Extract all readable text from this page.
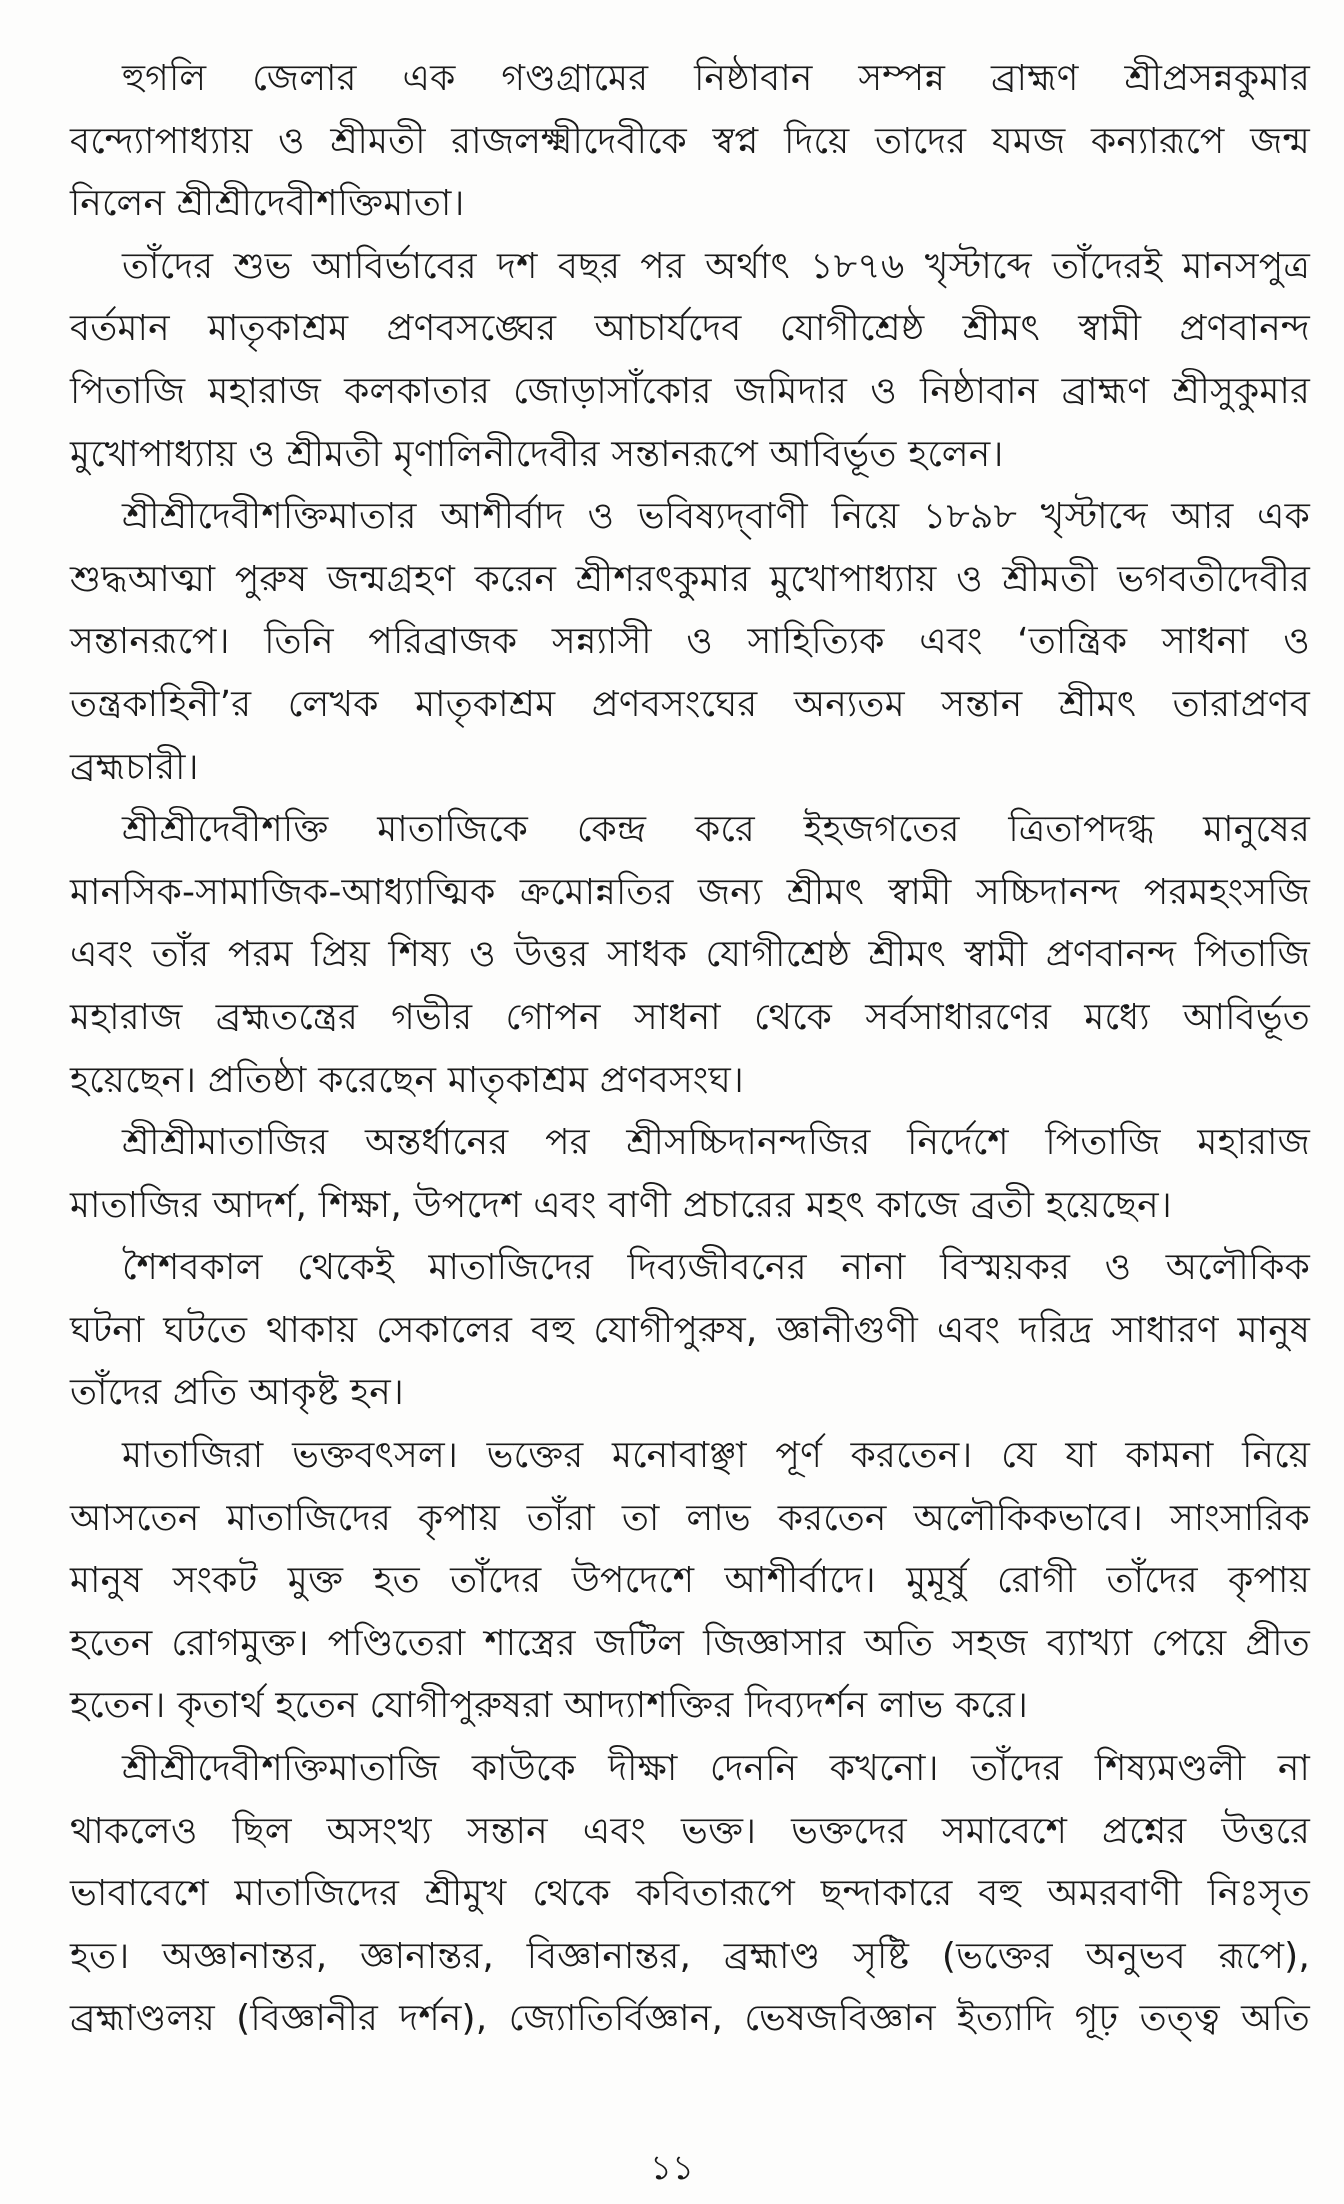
হুগলি জেলার এক গণ্ডগ্রামের নিষ্ঠাবান সম্পন্ন ব্রাহ্মণ শ্রীপ্রসন্নকুমার
বন্দ্যোপাধ্যায় ও শ্রীমতী রাজলক্ষ্মীদেবীকে স্বপ্ন দিয়ে তাদের যমজ কন্যারূপে জন্ম
নিলেন শ্রীশ্রীদেবীশক্তিমাতা।
তাঁদের শুভ আবির্ভাবের দশ বছর পর অর্থাৎ ১৮৭৬ খৃস্টাব্দে তাঁদেরই মানসপুত্র
বর্তমান মাতৃকাশ্রম প্রণবসঙ্ঘের আচার্যদেব যোগীশ্রেষ্ঠ শ্রীমৎ স্বামী প্রণবানন্দ
পিতাজি মহারাজ কলকাতার জোড়াসাঁকোর জমিদার ও নিষ্ঠাবান ব্রাহ্মণ শ্রীসুকুমার
মুখোপাধ্যায় ও শ্রীমতী মৃণালিনীদেবীর সন্তানরূপে আবির্ভূত হলেন।
শ্রীশ্রীদেবীশক্তিমাতার আশীর্বাদ ও ভবিষ্যদ্‌বাণী নিয়ে ১৮৯৮ খৃস্টাব্দে আর এক
শুদ্ধআত্মা পুরুষ জন্মগ্রহণ করেন শ্রীশরৎকুমার মুখোপাধ্যায় ও শ্রীমতী ভগবতীদেবীর
সন্তানরূপে। তিনি পরিব্রাজক সন্ন্যাসী ও সাহিত্যিক এবং ‘তান্ত্রিক সাধনা ও
তন্ত্রকাহিনী’র লেখক মাতৃকাশ্রম প্রণবসংঘের অন্যতম সন্তান শ্রীমৎ তারাপ্রণব
ব্রহ্মচারী।
শ্রীশ্রীদেবীশক্তি মাতাজিকে কেন্দ্র করে ইহজগতের ত্রিতাপদগ্ধ মানুষের
মানসিক-সামাজিক-আধ্যাত্মিক ক্রমোন্নতির জন্য শ্রীমৎ স্বামী সচ্চিদানন্দ পরমহংসজি
এবং তাঁর পরম প্রিয় শিষ্য ও উত্তর সাধক যোগীশ্রেষ্ঠ শ্রীমৎ স্বামী প্রণবানন্দ পিতাজি
মহারাজ ব্রহ্মতন্ত্রের গভীর গোপন সাধনা থেকে সর্বসাধারণের মধ্যে আবির্ভূত
হয়েছেন। প্রতিষ্ঠা করেছেন মাতৃকাশ্রম প্রণবসংঘ।
শ্রীশ্রীমাতাজির অন্তর্ধানের পর শ্রীসচ্চিদানন্দজির নির্দেশে পিতাজি মহারাজ
মাতাজির আদর্শ, শিক্ষা, উপদেশ এবং বাণী প্রচারের মহৎ কাজে ব্রতী হয়েছেন।
শৈশবকাল থেকেই মাতাজিদের দিব্যজীবনের নানা বিস্ময়কর ও অলৌকিক
ঘটনা ঘটতে থাকায় সেকালের বহু যোগীপুরুষ, জ্ঞানীগুণী এবং দরিদ্র সাধারণ মানুষ
তাঁদের প্রতি আকৃষ্ট হন।
মাতাজিরা ভক্তবৎসল। ভক্তের মনোবাঞ্ছা পূর্ণ করতেন। যে যা কামনা নিয়ে
আসতেন মাতাজিদের কৃপায় তাঁরা তা লাভ করতেন অলৌকিকভাবে। সাংসারিক
মানুষ সংকট মুক্ত হত তাঁদের উপদেশে আশীর্বাদে। মুমূর্ষু রোগী তাঁদের কৃপায়
হতেন রোগমুক্ত। পণ্ডিতেরা শাস্ত্রের জটিল জিজ্ঞাসার অতি সহজ ব্যাখ্যা পেয়ে প্রীত
হতেন। কৃতার্থ হতেন যোগীপুরুষরা আদ্যাশক্তির দিব্যদর্শন লাভ করে।
শ্রীশ্রীদেবীশক্তিমাতাজি কাউকে দীক্ষা দেননি কখনো। তাঁদের শিষ্যমণ্ডলী না
থাকলেও ছিল অসংখ্য সন্তান এবং ভক্ত। ভক্তদের সমাবেশে প্রশ্নের উত্তরে
ভাবাবেশে মাতাজিদের শ্রীমুখ থেকে কবিতারূপে ছন্দাকারে বহু অমরবাণী নিঃসৃত
হত। অজ্ঞানান্তর, জ্ঞানান্তর, বিজ্ঞানান্তর, ব্রহ্মাণ্ড সৃষ্টি (ভক্তের অনুভব রূপে),
ব্রহ্মাণ্ডলয় (বিজ্ঞানীর দর্শন), জ্যোতির্বিজ্ঞান, ভেষজবিজ্ঞান ইত্যাদি গূঢ় তত্ত্ব অতি
১১
